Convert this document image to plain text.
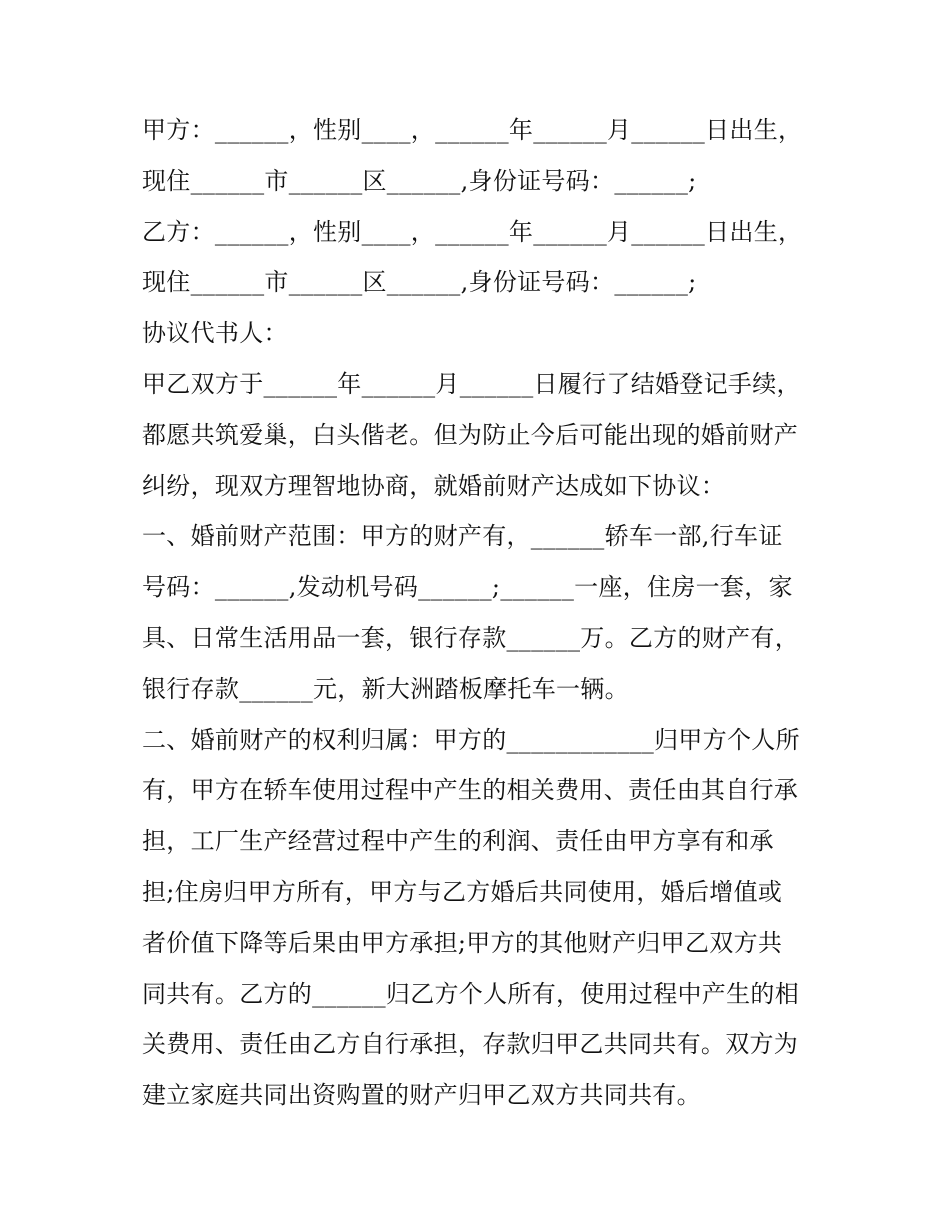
甲方：______，性别____，______年______月______日出生，
现住______市______区______,身份证号码：______;
乙方：______，性别____，______年______月______日出生，
现住______市______区______,身份证号码：______;
协议代书人：
甲乙双方于______年______月______日履行了结婚登记手续，
都愿共筑爱巢，白头偕老。但为防止今后可能出现的婚前财产
纠纷，现双方理智地协商，就婚前财产达成如下协议：
一、婚前财产范围：甲方的财产有，______轿车一部,行车证
号码：______,发动机号码______;______一座，住房一套，家
具、日常生活用品一套，银行存款______万。乙方的财产有，
银行存款______元，新大洲踏板摩托车一辆。
二、婚前财产的权利归属：甲方的____________归甲方个人所
有，甲方在轿车使用过程中产生的相关费用、责任由其自行承
担，工厂生产经营过程中产生的利润、责任由甲方享有和承
担;住房归甲方所有，甲方与乙方婚后共同使用，婚后增值或
者价值下降等后果由甲方承担;甲方的其他财产归甲乙双方共
同共有。乙方的______归乙方个人所有，使用过程中产生的相
关费用、责任由乙方自行承担，存款归甲乙共同共有。双方为
建立家庭共同出资购置的财产归甲乙双方共同共有。
